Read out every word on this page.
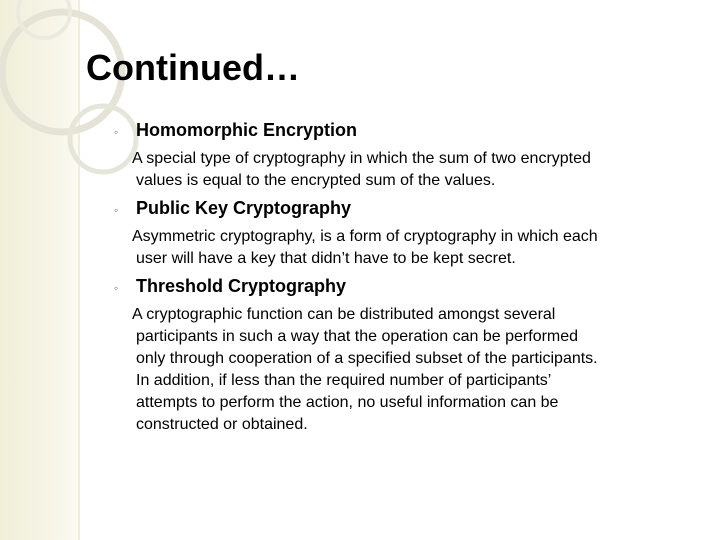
Continued…
◦ Homomorphic Encryption
A special type of cryptography in which the sum of two encrypted
values is equal to the encrypted sum of the values.
◦ Public Key Cryptography
Asymmetric cryptography, is a form of cryptography in which each
user will have a key that didn’t have to be kept secret.
◦ Threshold Cryptography
A cryptographic function can be distributed amongst several
participants in such a way that the operation can be performed
only through cooperation of a specified subset of the participants.
In addition, if less than the required number of participants’
attempts to perform the action, no useful information can be
constructed or obtained.
